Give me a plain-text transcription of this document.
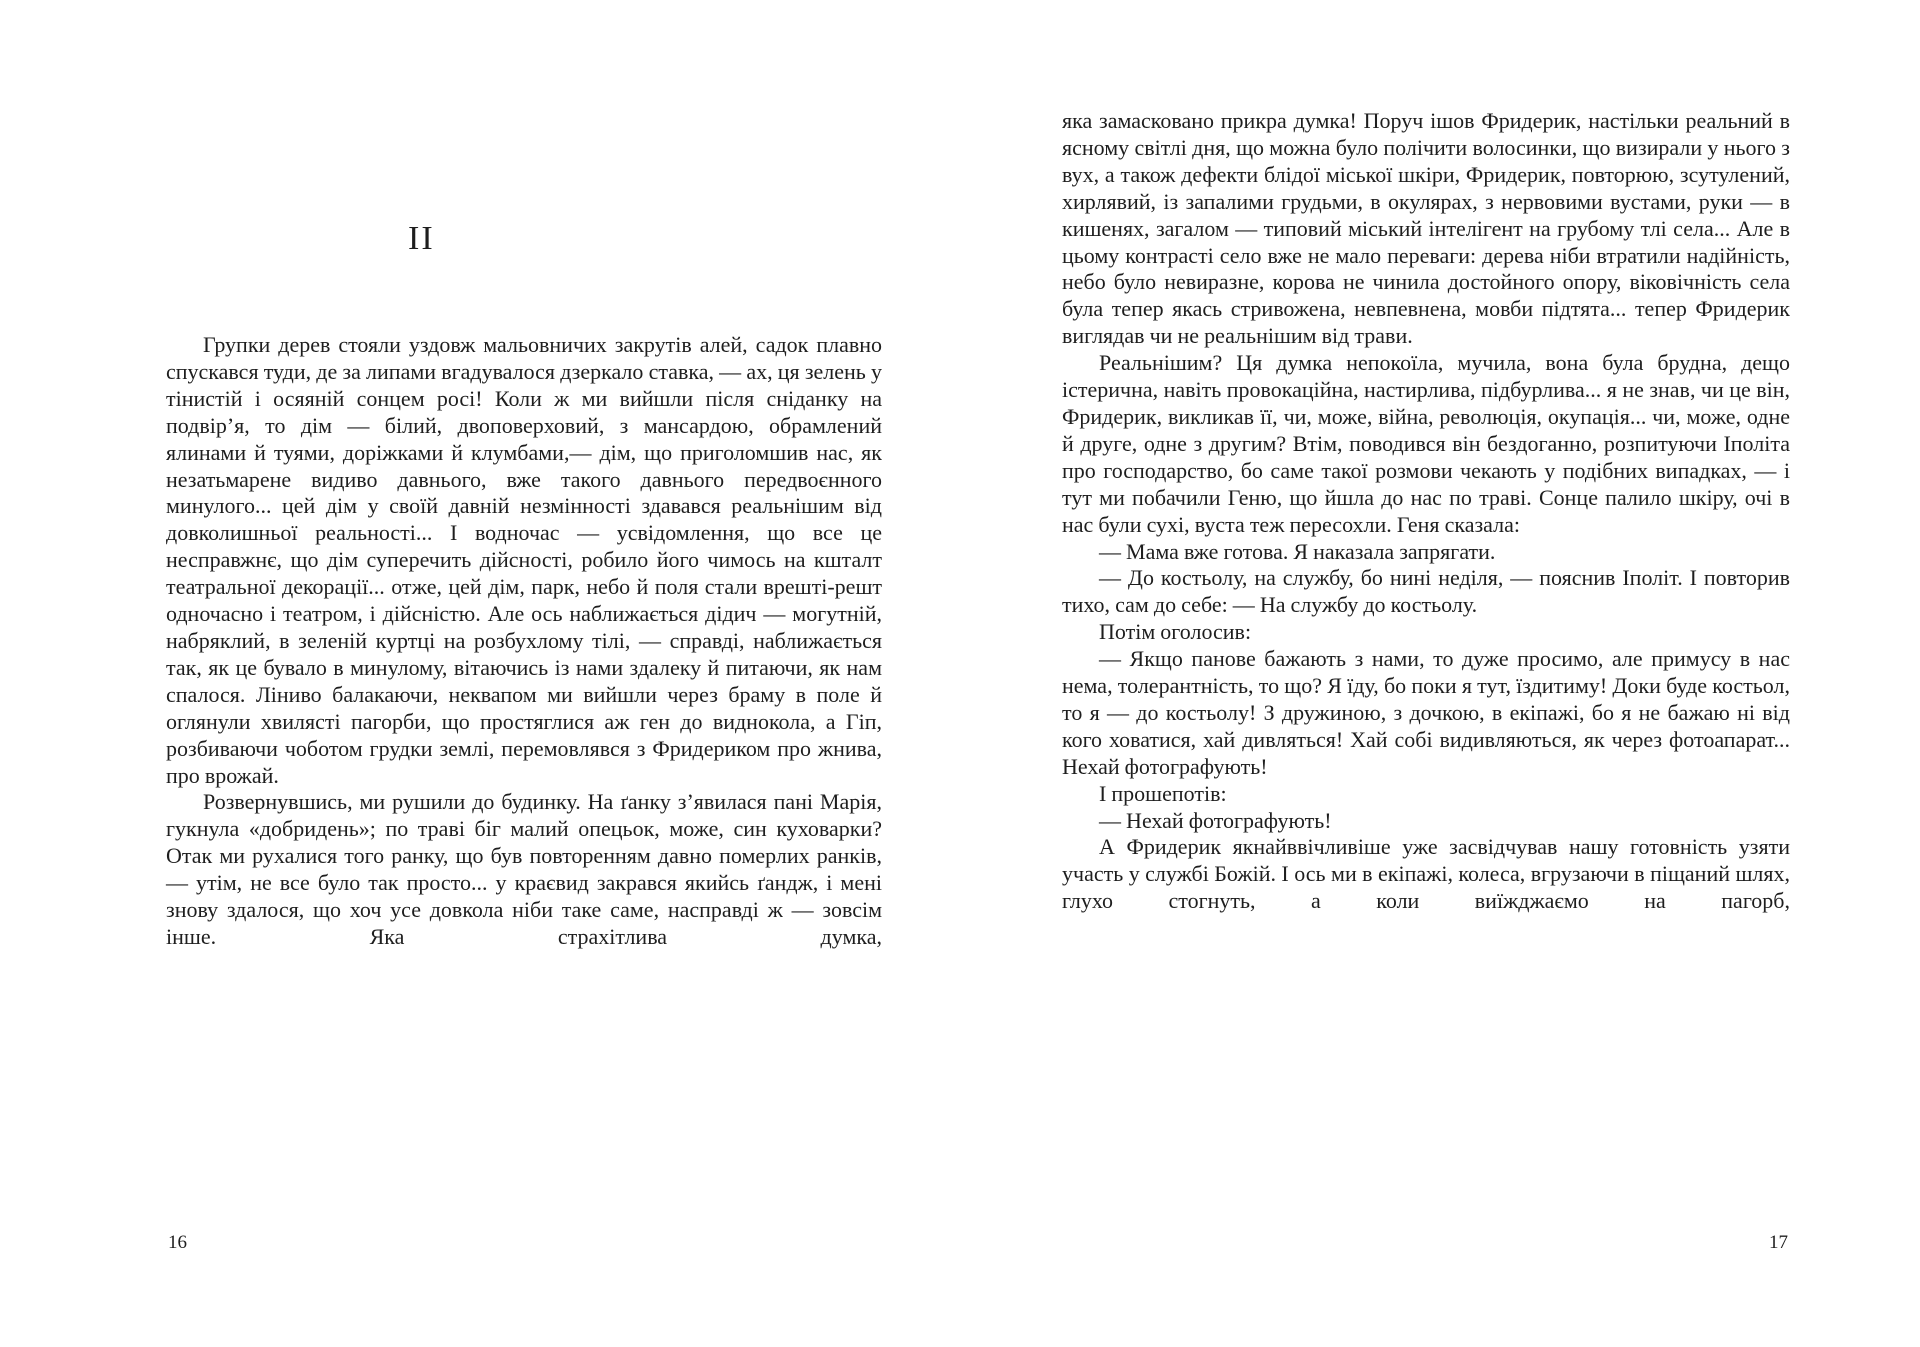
II

Групки дерев стояли уздовж мальовничих закрутів алей, садок плавно спускався туди, де за липами вгадувалося дзеркало ставка, — ах, ця зелень у тінистій і осяяній сонцем росі! Коли ж ми вийшли після сніданку на подвір’я, то дім — білий, двоповерховий, з мансардою, обрамлений ялинами й туями, доріжками й клумбами,— дім, що приголомшив нас, як незатьмарене видиво давнього, вже такого давнього передвоєнного минулого... цей дім у своїй давній незмінності здавався реальнішим від довколишньої реальності... І водночас — усвідомлення, що все це несправжнє, що дім суперечить дійсності, робило його чимось на кшталт театральної декорації... отже, цей дім, парк, небо й поля стали врешті-решт одночасно і театром, і дійсністю. Але ось наближається дідич — могутній, набряклий, в зеленій куртці на розбухлому тілі, — справді, наближається так, як це бувало в минулому, вітаючись із нами здалеку й питаючи, як нам спалося. Ліниво балакаючи, неквапом ми вийшли через браму в поле й оглянули хвилясті пагорби, що простяглися аж ген до виднокола, а Гіп, розбиваючи чоботом грудки землі, перемовлявся з Фридериком про жнива, про врожай.

Розвернувшись, ми рушили до будинку. На ґанку з’явилася пані Марія, гукнула «добридень»; по траві біг малий опецьок, може, син куховарки? Отак ми рухалися того ранку, що був повторенням давно померлих ранків, — утім, не все було так просто... у краєвид закрався якийсь ґандж, і мені знову здалося, що хоч усе довкола ніби таке саме, насправді ж — зовсім інше. Яка страхітлива думка,

16

яка замасковано прикра думка! Поруч ішов Фридерик, настільки реальний в ясному світлі дня, що можна було полічити волосинки, що визирали у нього з вух, а також дефекти блідої міської шкіри, Фридерик, повторюю, зсутулений, хирлявий, із запалими грудьми, в окулярах, з нервовими вустами, руки — в кишенях, загалом — типовий міський інтелігент на грубому тлі села... Але в цьому контрасті село вже не мало переваги: дерева ніби втратили надійність, небо було невиразне, корова не чинила достойного опору, віковічність села була тепер якась стривожена, невпевнена, мовби підтята... тепер Фридерик виглядав чи не реальнішим від трави.

Реальнішим? Ця думка непокоїла, мучила, вона була брудна, дещо істерична, навіть провокаційна, настирлива, підбурлива... я не знав, чи це він, Фридерик, викликав її, чи, може, війна, революція, окупація... чи, може, одне й друге, одне з другим? Втім, поводився він бездоганно, розпитуючи Іполіта про господарство, бо саме такої розмови чекають у подібних випадках, — і тут ми побачили Геню, що йшла до нас по траві. Сонце палило шкіру, очі в нас були сухі, вуста теж пересохли. Геня сказала:

— Мама вже готова. Я наказала запрягати.

— До костьолу, на службу, бо нині неділя, — пояснив Іполіт. І повторив тихо, сам до себе: — На службу до костьолу.

Потім оголосив:

— Якщо панове бажають з нами, то дуже просимо, але примусу в нас нема, толерантність, то що? Я їду, бо поки я тут, їздитиму! Доки буде костьол, то я — до костьолу! З дружиною, з дочкою, в екіпажі, бо я не бажаю ні від кого ховатися, хай дивляться! Хай собі видивляються, як через фотоапарат... Нехай фотографують!

І прошепотів:

— Нехай фотографують!

А Фридерик якнайввічливіше уже засвідчував нашу готовність узяти участь у службі Божій. І ось ми в екіпажі, колеса, вгрузаючи в піщаний шлях, глухо стогнуть, а коли виїжджаємо на пагорб,

17
